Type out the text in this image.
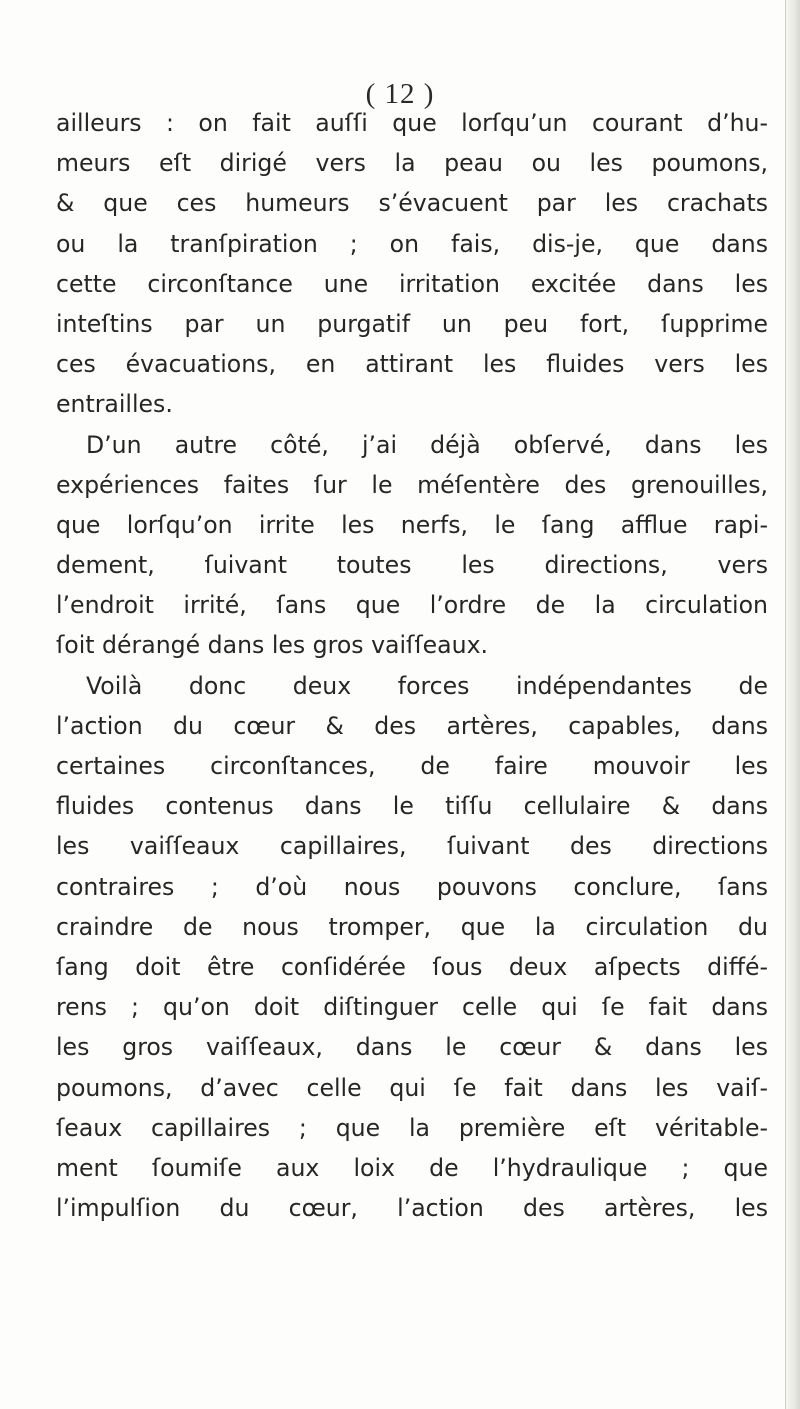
( 12 )
ailleurs : on fait auſſi que lorſqu’un courant d’hu-
meurs eſt dirigé vers la peau ou les poumons,
& que ces humeurs s’évacuent par les crachats
ou la tranſpiration ; on fais, dis-je, que dans
cette circonſtance une irritation excitée dans les
inteſtins par un purgatif un peu fort, ſupprime
ces évacuations, en attirant les fluides vers les
entrailles.
D’un autre côté, j’ai déjà obſervé, dans les
expériences faites ſur le méſentère des grenouilles,
que lorſqu’on irrite les nerfs, le ſang afflue rapi-
dement, ſuivant toutes les directions, vers
l’endroit irrité, ſans que l’ordre de la circulation
ſoit dérangé dans les gros vaiſſeaux.
Voilà donc deux forces indépendantes de
l’action du cœur & des artères, capables, dans
certaines circonſtances, de faire mouvoir les
fluides contenus dans le tiſſu cellulaire & dans
les vaiſſeaux capillaires, ſuivant des directions
contraires ; d’où nous pouvons conclure, ſans
craindre de nous tromper, que la circulation du
ſang doit être conſidérée ſous deux aſpects diffé-
rens ; qu’on doit diſtinguer celle qui ſe fait dans
les gros vaiſſeaux, dans le cœur & dans les
poumons, d’avec celle qui ſe fait dans les vaiſ-
ſeaux capillaires ; que la première eſt véritable-
ment ſoumiſe aux loix de l’hydraulique ; que
l’impulſion du cœur, l’action des artères, les
